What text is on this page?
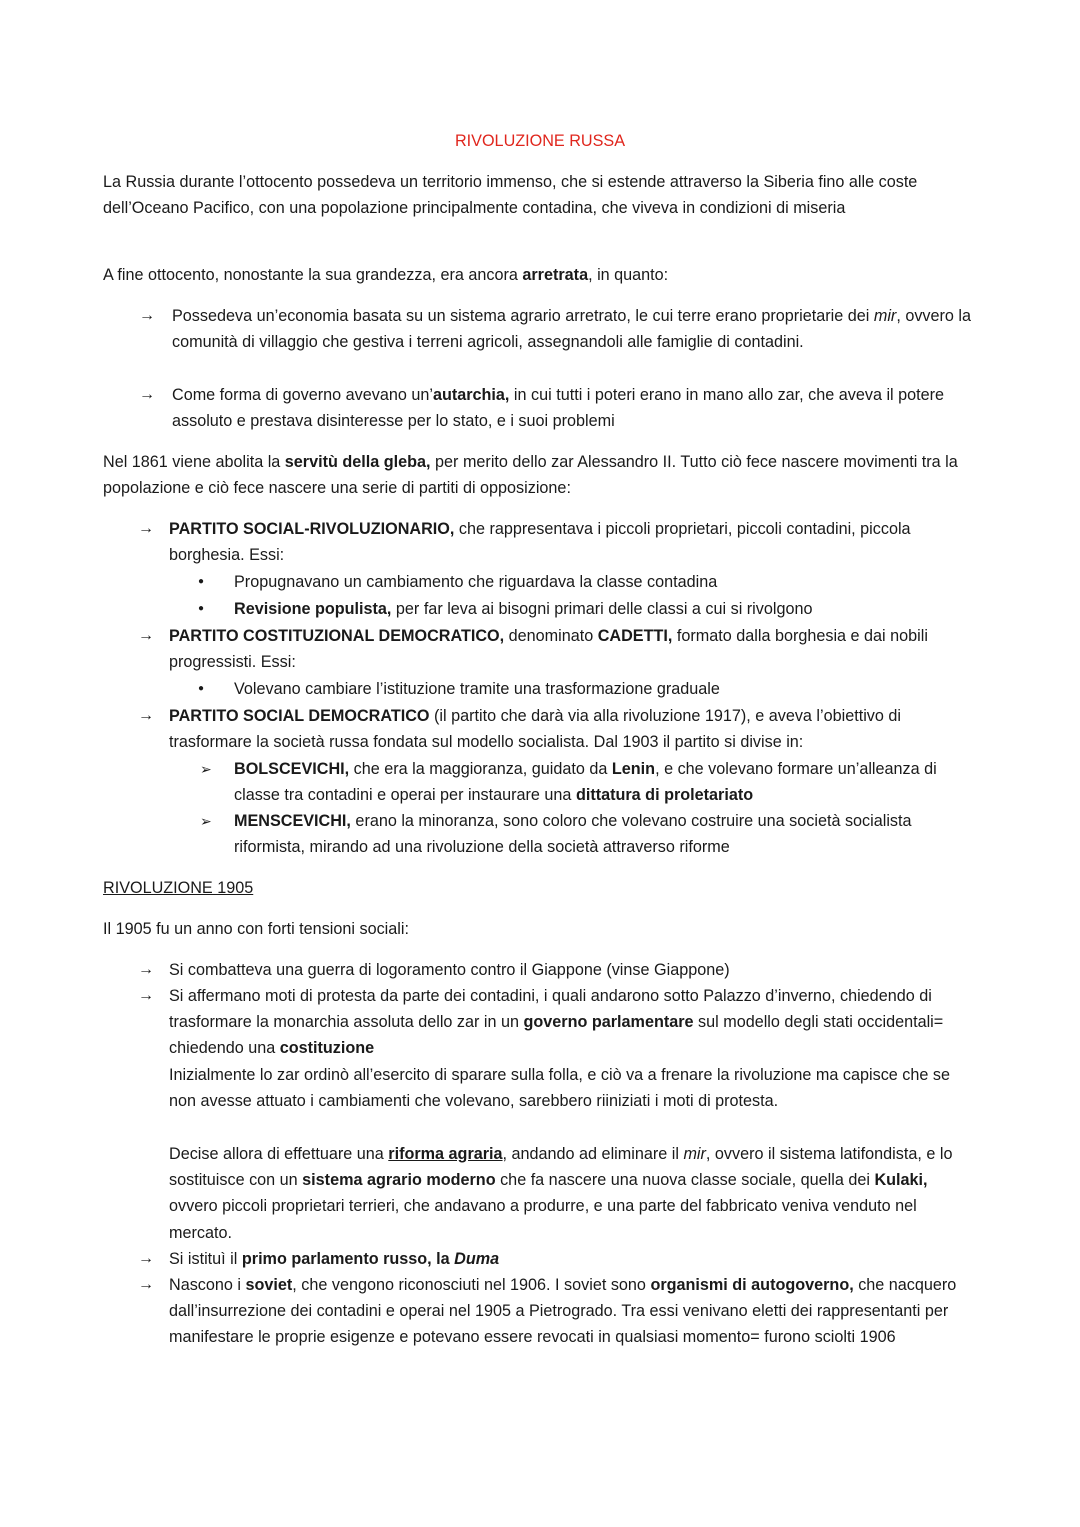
RIVOLUZIONE RUSSA

La Russia durante l’ottocento possedeva un territorio immenso, che si estende attraverso la Siberia fino alle coste dell’Oceano Pacifico, con una popolazione principalmente contadina, che viveva in condizioni di miseria

A fine ottocento, nonostante la sua grandezza, era ancora arretrata, in quanto:

→ Possedeva un’economia basata su un sistema agrario arretrato, le cui terre erano proprietarie dei mir, ovvero la comunità di villaggio che gestiva i terreni agricoli, assegnandoli alle famiglie di contadini.
→ Come forma di governo avevano un’autarchia, in cui tutti i poteri erano in mano allo zar, che aveva il potere assoluto e prestava disinteresse per lo stato, e i suoi problemi

Nel 1861 viene abolita la servitù della gleba, per merito dello zar Alessandro II. Tutto ciò fece nascere movimenti tra la popolazione e ciò fece nascere una serie di partiti di opposizione:

→ PARTITO SOCIAL-RIVOLUZIONARIO, che rappresentava i piccoli proprietari, piccoli contadini, piccola borghesia. Essi:
● Propugnavano un cambiamento che riguardava la classe contadina
● Revisione populista, per far leva ai bisogni primari delle classi a cui si rivolgono
→ PARTITO COSTITUZIONAL DEMOCRATICO, denominato CADETTI, formato dalla borghesia e dai nobili progressisti. Essi:
● Volevano cambiare l’istituzione tramite una trasformazione graduale
→ PARTITO SOCIAL DEMOCRATICO (il partito che darà via alla rivoluzione 1917), e aveva l’obiettivo di trasformare la società russa fondata sul modello socialista. Dal 1903 il partito si divise in:
➢ BOLSCEVICHI, che era la maggioranza, guidato da Lenin, e che volevano formare un’alleanza di classe tra contadini e operai per instaurare una dittatura di proletariato
➢ MENSCEVICHI, erano la minoranza, sono coloro che volevano costruire una società socialista riformista, mirando ad una rivoluzione della società attraverso riforme
RIVOLUZIONE 1905

Il 1905 fu un anno con forti tensioni sociali:

→ Si combatteva una guerra di logoramento contro il Giappone (vinse Giappone)
→ Si affermano moti di protesta da parte dei contadini, i quali andarono sotto Palazzo d’inverno, chiedendo di trasformare la monarchia assoluta dello zar in un governo parlamentare sul modello degli stati occidentali= chiedendo una costituzione
Inizialmente lo zar ordinò all’esercito di sparare sulla folla, e ciò va a frenare la rivoluzione ma capisce che se non avesse attuato i cambiamenti che volevano, sarebbero riiniziati i moti di protesta.
Decise allora di effettuare una riforma agraria, andando ad eliminare il mir, ovvero il sistema latifondista, e lo sostituisce con un sistema agrario moderno che fa nascere una nuova classe sociale, quella dei Kulaki, ovvero piccoli proprietari terrieri, che andavano a produrre, e una parte del fabbricato veniva venduto nel mercato.
→ Si istituì il primo parlamento russo, la Duma
→ Nascono i soviet, che vengono riconosciuti nel 1906. I soviet sono organismi di autogoverno, che nacquero dall’insurrezione dei contadini e operai nel 1905 a Pietrogrado. Tra essi venivano eletti dei rappresentanti per manifestare le proprie esigenze e potevano essere revocati in qualsiasi momento= furono sciolti 1906
